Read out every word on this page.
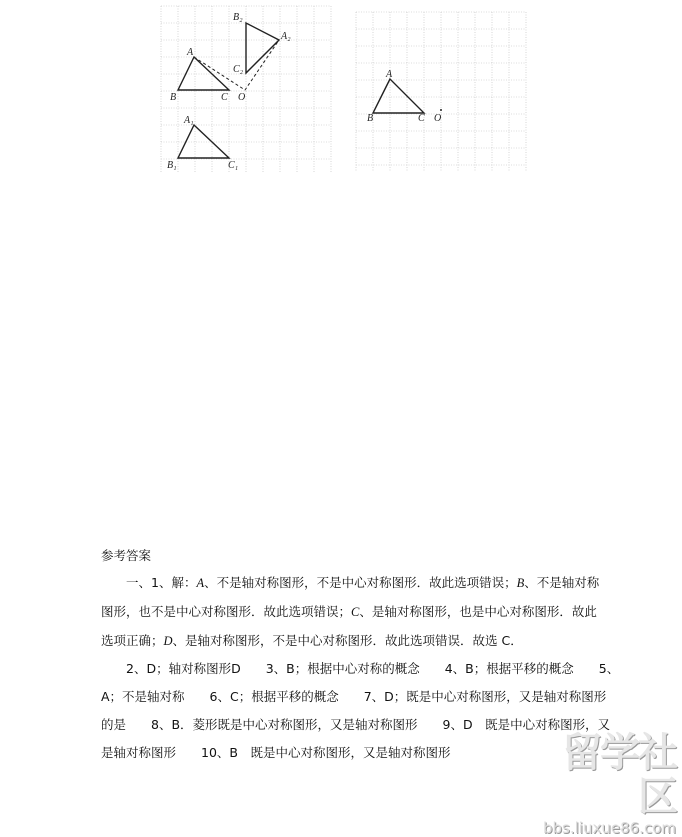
A
B	C O
B₂
A₂
C₂
A₁
B₁	C₁
A
B	C O
参考答案
一、1、解：A、不是轴对称图形，不是中心对称图形．故此选项错误；B、不是轴对称
图形，也不是中心对称图形．故此选项错误；C、是轴对称图形，也是中心对称图形．故此
选项正确；D、是轴对称图形，不是中心对称图形．故此选项错误．故选 C．
2、D；轴对称图形D　　3、B；根据中心对称的概念　　4、B；根据平移的概念　　5、
A；不是轴对称　　6、C；根据平移的概念　　7、D；既是中心对称图形，又是轴对称图形
的是　　8、B．菱形既是中心对称图形，又是轴对称图形　　9、D　既是中心对称图形，又
是轴对称图形　　10、B　既是中心对称图形，又是轴对称图形	留学社区
bbs.liuxue86.com
